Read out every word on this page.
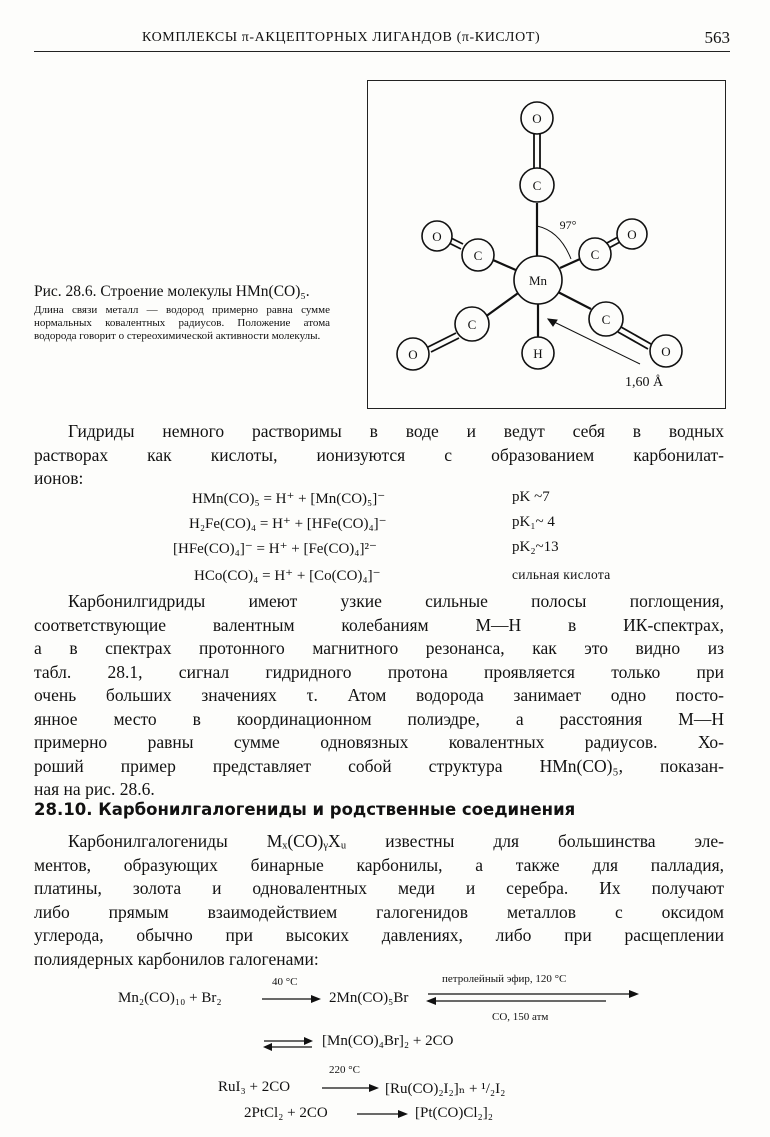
КОМПЛЕКСЫ π-АКЦЕПТОРНЫХ ЛИГАНДОВ (π-КИСЛОТ)	563
Рис. 28.6. Строение молекулы HMn(CO)₅.
Длина связи металл — водород примерно равна сумме нормальных ковалентных радиусов. Положение атома водорода говорит о стереохимической активности молекулы.
O
C
O
C
O
C
Mn
C
O
C
O
H
97°
1,60 Å
Гидриды немного растворимы в воде и ведут себя в водных
растворах как кислоты, ионизуются с образованием карбонилат-
ионов:
HMn(CO)₅ = H⁺ + [Mn(CO)₅]⁻	pK ~7
H₂Fe(CO)₄ = H⁺ + [HFe(CO)₄]⁻	pK₁~ 4
[HFe(CO)₄]⁻ = H⁺ + [Fe(CO)₄]²⁻	pK₂~13
HCo(CO)₄ = H⁺ + [Co(CO)₄]⁻	сильная кислота
Карбонилгидриды имеют узкие сильные полосы поглощения,
соответствующие валентным колебаниям М—Н в ИК-спектрах,
а в спектрах протонного магнитного резонанса, как это видно из
табл. 28.1, сигнал гидридного протона проявляется только при
очень больших значениях τ. Атом водорода занимает одно посто-
янное место в координационном полиэдре, а расстояния М—Н
примерно равны сумме одновязных ковалентных радиусов. Хо-
роший пример представляет собой структура HMn(CO)₅, показан-
ная на рис. 28.6.
28.10. Карбонилгалогениды и родственные соединения
Карбонилгалогениды Mₓ(CO)ᵧXᵤ известны для большинства эле-
ментов, образующих бинарные карбонилы, а также для палладия,
платины, золота и одновалентных меди и серебра. Их получают
либо прямым взаимодействием галогенидов металлов с оксидом
углерода, обычно при высоких давлениях, либо при расщеплении
полиядерных карбонилов галогенами:
Mn₂(CO)₁₀ + Br₂
40 °C
→ 2Mn(CO)₅Br
петролейный эфир, 120 °C
CO, 150 атм
[Mn(CO)₄Br]₂ + 2CO
RuI₃ + 2CO
220 °C
→ [Ru(CO)₂I₂]ₙ + ¹/₂I₂
2PtCl₂ + 2CO → [Pt(CO)Cl₂]₂
